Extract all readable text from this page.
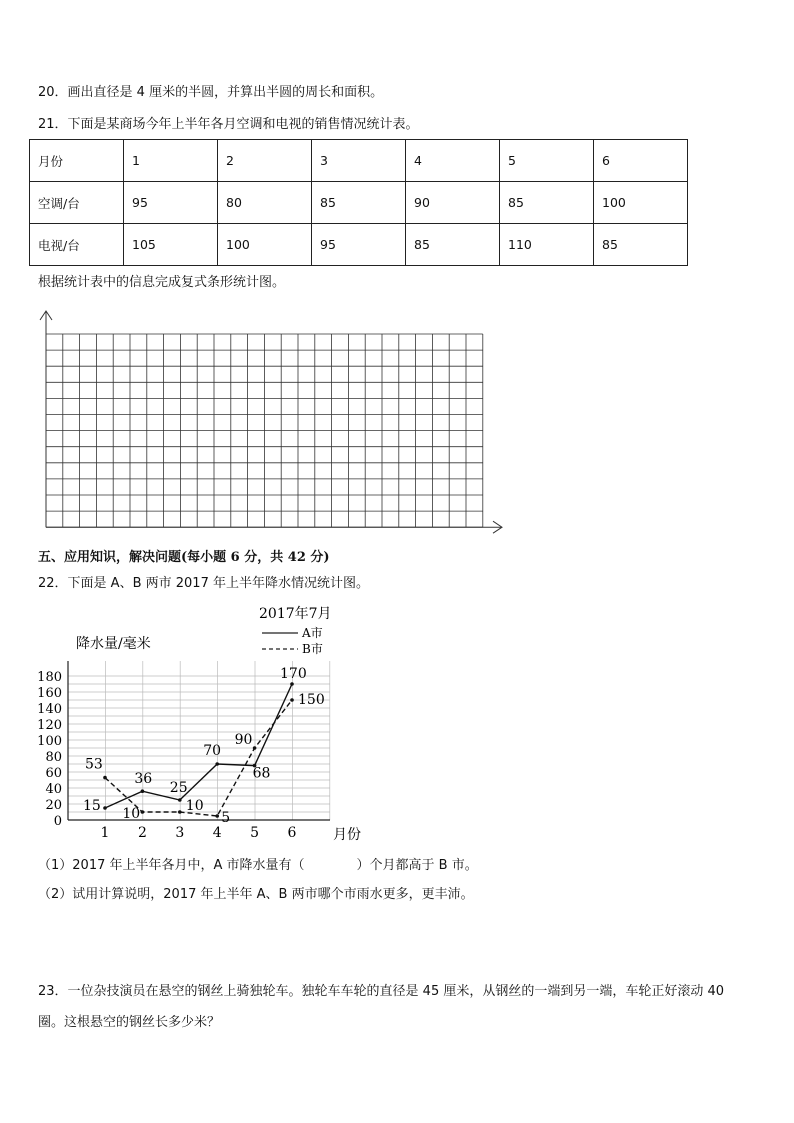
20．画出直径是 4 厘米的半圆，并算出半圆的周长和面积。
21．下面是某商场今年上半年各月空调和电视的销售情况统计表。
月份	1	2	3	4	5	6
空调/台	95	80	85	90	85	100
电视/台	105	100	95	85	110	85
根据统计表中的信息完成复式条形统计图。
五、应用知识，解决问题(每小题 6 分，共 42 分)
22．下面是 A、B 两市 2017 年上半年降水情况统计图。
2017年7月
降水量/毫米
月份
A市
B市
0
20
40
60
80
100
120
140
160
180
1 2 3 4 5 6
15
36
25
70
68
170
53
10	10
5
90
150
（1）2017 年上半年各月中，A 市降水量有（　　　　）个月都高于 B 市。
（2）试用计算说明，2017 年上半年 A、B 两市哪个市雨水更多，更丰沛。
23．一位杂技演员在悬空的钢丝上骑独轮车。独轮车车轮的直径是 45 厘米，从钢丝的一端到另一端，车轮正好滚动 40
圈。这根悬空的钢丝长多少米？
